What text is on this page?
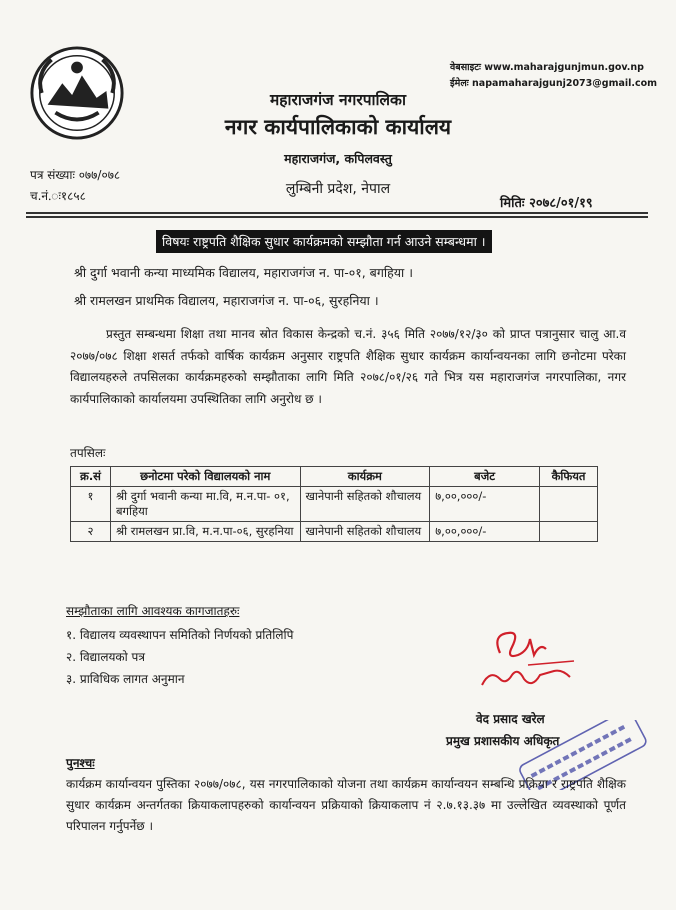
वेबसाइटः www.maharajgunjmun.gov.np
ईमेलः napamaharajgunj2073@gmail.com
महाराजगंज नगरपालिका
नगर कार्यपालिकाको कार्यालय
महाराजगंज, कपिलवस्तु
लुम्बिनी प्रदेश, नेपाल
पत्र संख्याः ०७७/०७८
च.नं.ः१८५८	मितिः २०७८/०१/१९
विषयः राष्ट्रपति शैक्षिक सुधार कार्यक्रमको सम्झौता गर्न आउने सम्बन्धमा ।
श्री दुर्गा भवानी कन्या माध्यमिक विद्यालय, महाराजगंज न. पा-०१, बगहिया ।
श्री रामलखन प्राथमिक विद्यालय, महाराजगंज न. पा-०६, सुरहनिया ।
प्रस्तुत सम्बन्धमा शिक्षा तथा मानव स्रोत विकास केन्द्रको च.नं. ३५६ मिति २०७७/१२/३० को प्राप्त पत्रानुसार चालु आ.व २०७७/०७८ शिक्षा शसर्त तर्फको वार्षिक कार्यक्रम अनुसार राष्ट्रपति शैक्षिक सुधार कार्यक्रम कार्यान्वयनका लागि छनोटमा परेका विद्यालयहरुले तपसिलका कार्यक्रमहरुको सम्झौताका लागि मिति २०७८/०१/२६ गते भित्र यस महाराजगंज नगरपालिका, नगर कार्यपालिकाको कार्यालयमा उपस्थितिका लागि अनुरोध छ ।
तपसिलः
क्र.सं	छनोटमा परेको विद्यालयको नाम	कार्यक्रम	बजेट	कैफियत
१	श्री दुर्गा भवानी कन्या मा.वि, म.न.पा- ०१, बगहिया	खानेपानी सहितको शौचालय	७,००,०००/-	
२	श्री रामलखन प्रा.वि, म.न.पा-०६, सुरहनिया	खानेपानी सहितको शौचालय	७,००,०००/-	
सम्झौताका लागि आवश्यक कागजातहरुः
१. विद्यालय व्यवस्थापन समितिको निर्णयको प्रतिलिपि
२. विद्यालयको पत्र
३. प्राविधिक लागत अनुमान
वेद प्रसाद खरेल
प्रमुख प्रशासकीय अधिकृत
पुनश्चः
कार्यक्रम कार्यान्वयन पुस्तिका २०७७/०७८, यस नगरपालिकाको योजना तथा कार्यक्रम कार्यान्वयन सम्बन्धि प्रक्रिया र राष्ट्रपति शैक्षिक सुधार कार्यक्रम अन्तर्गतका क्रियाकलापहरुको कार्यान्वयन प्रक्रियाको क्रियाकलाप नं २.७.१३.३७ मा उल्लेखित व्यवस्थाको पूर्णत परिपालन गर्नुपर्नेछ ।
